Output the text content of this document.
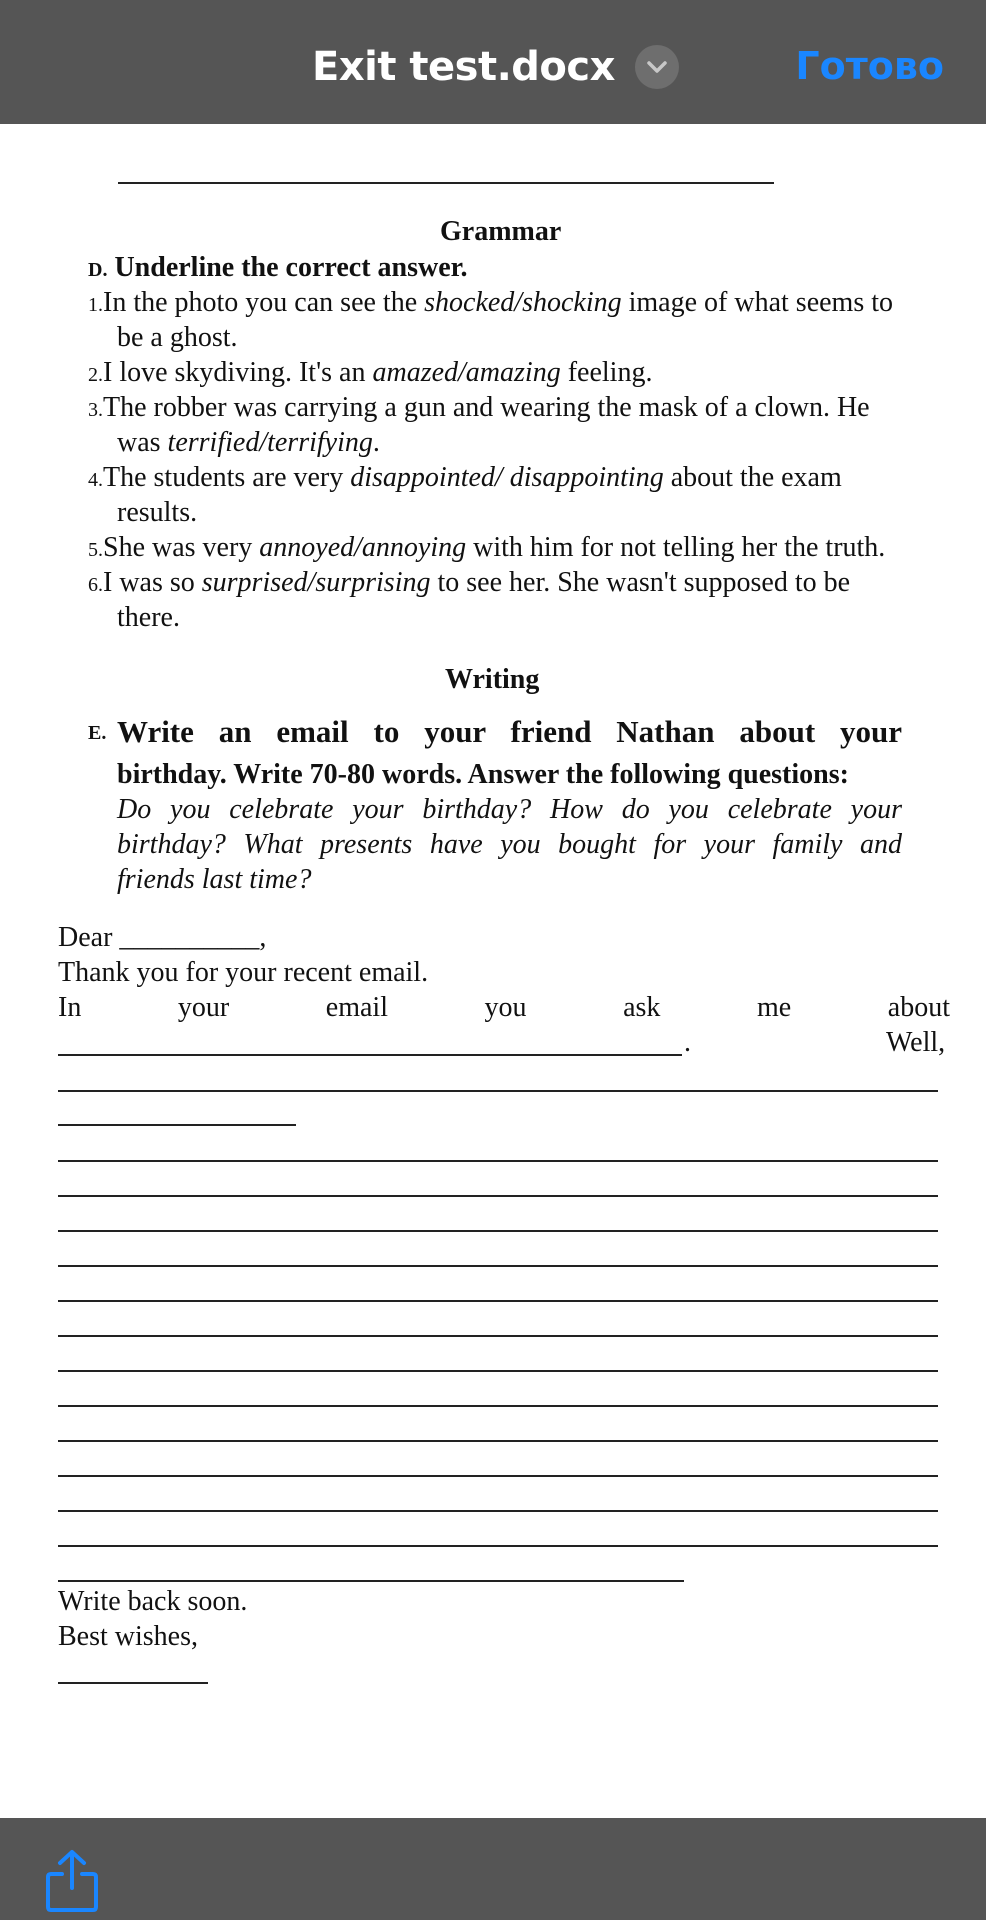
Exit test.docx	Готово
Grammar
D. Underline the correct answer.
1.In the photo you can see the shocked/shocking image of what seems to
be a ghost.
2.I love skydiving. It's an amazed/amazing feeling.
3.The robber was carrying a gun and wearing the mask of a clown. He
was terrified/terrifying.
4.The students are very disappointed/ disappointing about the exam
results.
5.She was very annoyed/annoying with him for not telling her the truth.
6.I was so surprised/surprising to see her. She wasn't supposed to be
there.
Writing
E. Write an email to your friend Nathan about your
birthday. Write 70-80 words. Answer the following questions:
Do you celebrate your birthday? How do you celebrate your
birthday? What presents have you bought for your family and
friends last time?
Dear __________,
Thank you for your recent email.
In	your	email	you	ask	me	about
.	Well,
Write back soon.
Best wishes,
